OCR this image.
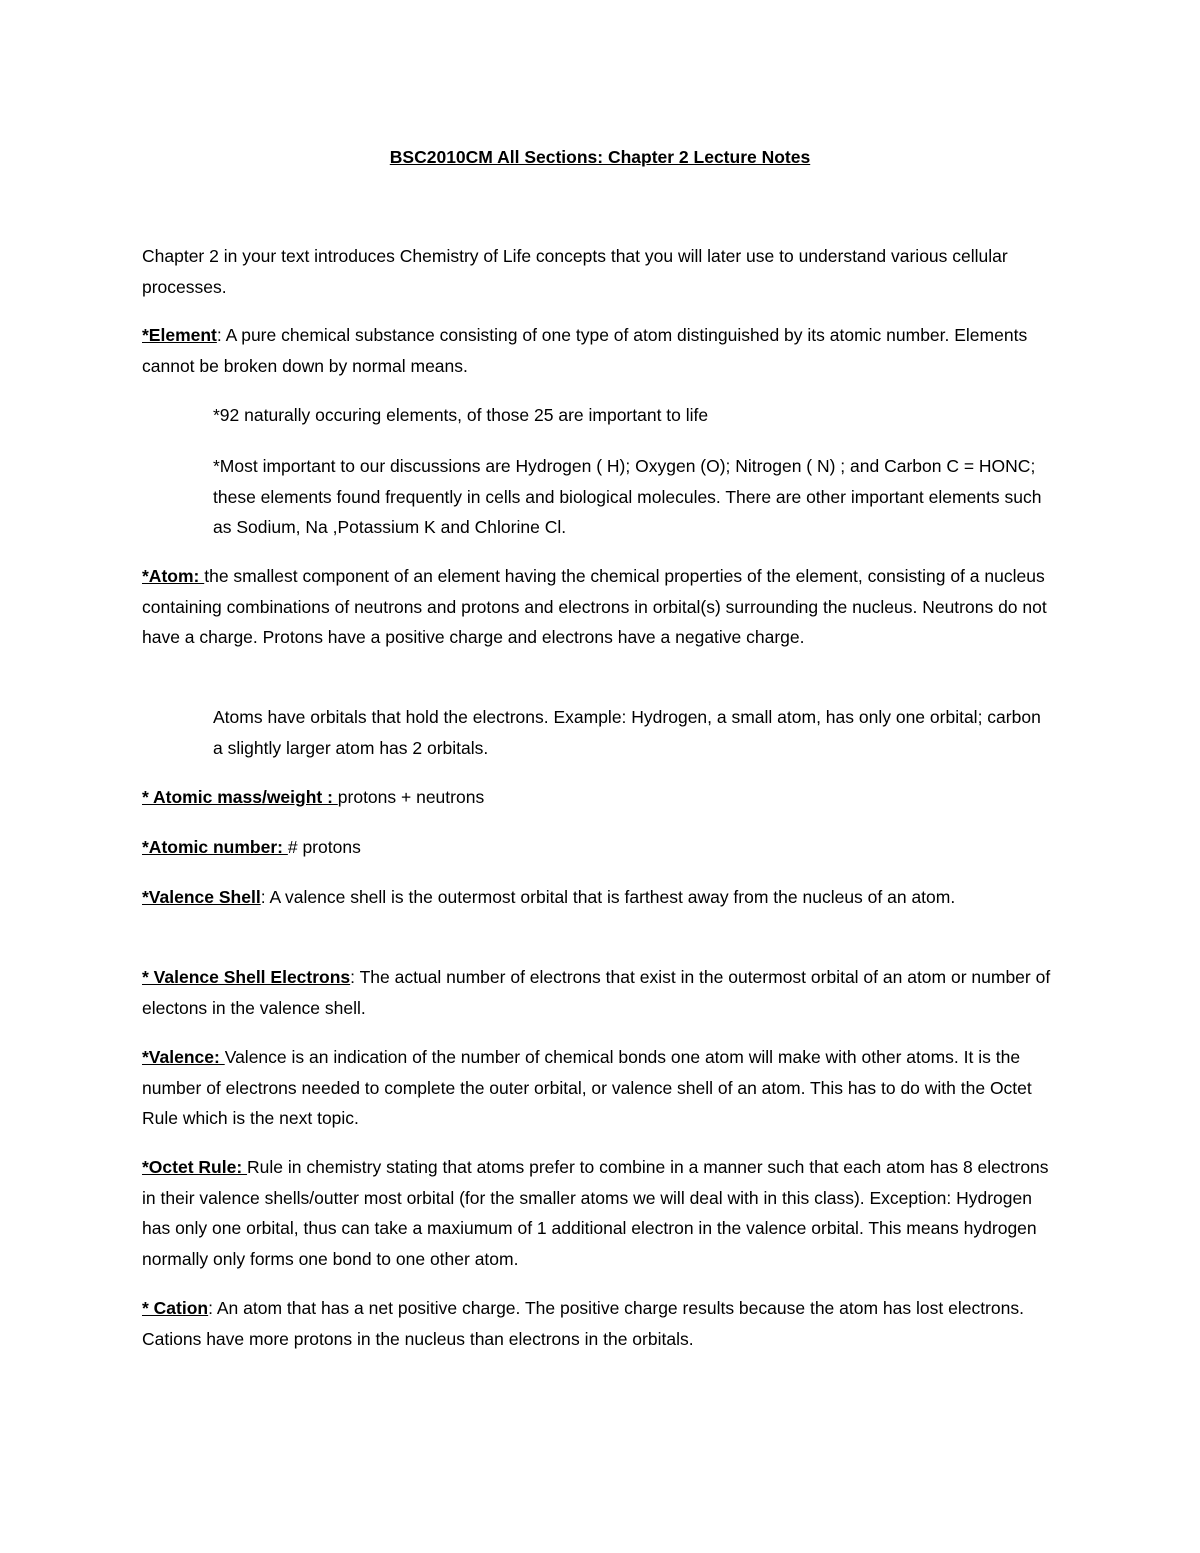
BSC2010CM All Sections: Chapter 2 Lecture Notes

Chapter 2 in your text introduces Chemistry of Life concepts that you will later use to understand various cellular processes.

*Element: A pure chemical substance consisting of one type of atom distinguished by its atomic number. Elements cannot be broken down by normal means.

*92 naturally occuring elements, of those 25 are important to life

*Most important to our discussions are Hydrogen ( H); Oxygen (O); Nitrogen ( N) ; and Carbon C = HONC; these elements found frequently in cells and biological molecules. There are other important elements such as Sodium, Na ,Potassium K and Chlorine Cl.

*Atom: the smallest component of an element having the chemical properties of the element, consisting of a nucleus containing combinations of neutrons and protons and electrons in orbital(s) surrounding the nucleus. Neutrons do not have a charge. Protons have a positive charge and electrons have a negative charge.

Atoms have orbitals that hold the electrons. Example: Hydrogen, a small atom, has only one orbital; carbon a slightly larger atom has 2 orbitals.

* Atomic mass/weight : protons + neutrons

*Atomic number: # protons

*Valence Shell: A valence shell is the outermost orbital that is farthest away from the nucleus of an atom.

* Valence Shell Electrons: The actual number of electrons that exist in the outermost orbital of an atom or number of electons in the valence shell.

*Valence: Valence is an indication of the number of chemical bonds one atom will make with other atoms. It is the number of electrons needed to complete the outer orbital, or valence shell of an atom. This has to do with the Octet Rule which is the next topic.

*Octet Rule: Rule in chemistry stating that atoms prefer to combine in a manner such that each atom has 8 electrons in their valence shells/outter most orbital (for the smaller atoms we will deal with in this class). Exception: Hydrogen has only one orbital, thus can take a maxiumum of 1 additional electron in the valence orbital. This means hydrogen normally only forms one bond to one other atom.

* Cation: An atom that has a net positive charge. The positive charge results because the atom has lost electrons. Cations have more protons in the nucleus than electrons in the orbitals.
